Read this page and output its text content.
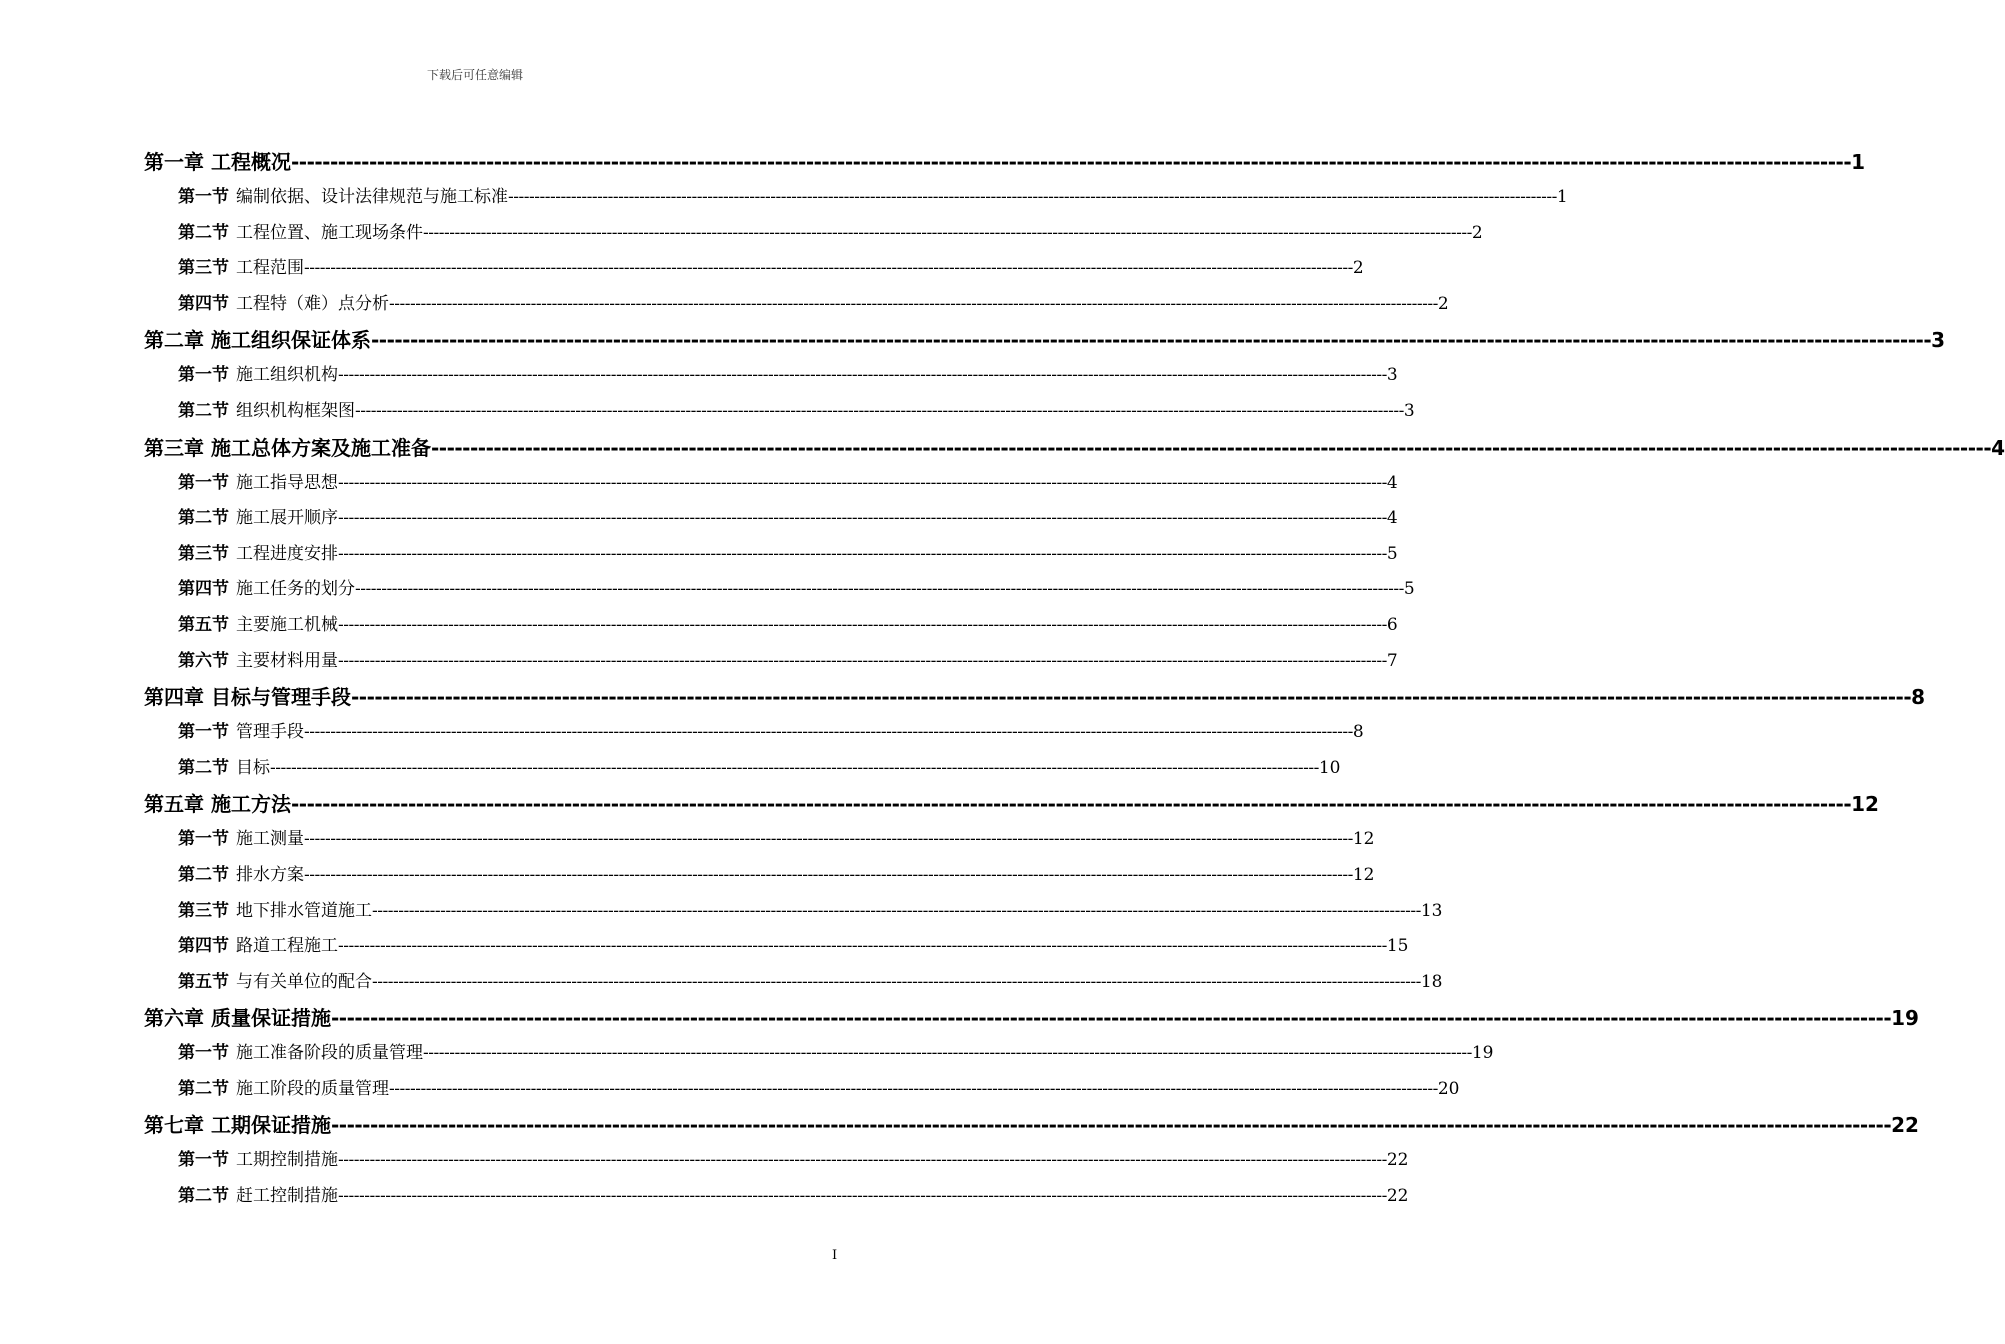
下载后可任意编辑
第一章 工程概况 -------------------------------------------------------------------------------------------------------------------------------------------------------------------------------------------------------- 1
第一节 编制依据、设计法律规范与施工标准 -------------------------------------------------------------------------------------------------------------------------------------------------------------------------------------------------------- 1
第二节 工程位置、施工现场条件 -------------------------------------------------------------------------------------------------------------------------------------------------------------------------------------------------------- 2
第三节 工程范围 -------------------------------------------------------------------------------------------------------------------------------------------------------------------------------------------------------- 2
第四节 工程特（难）点分析 -------------------------------------------------------------------------------------------------------------------------------------------------------------------------------------------------------- 2
第二章 施工组织保证体系 -------------------------------------------------------------------------------------------------------------------------------------------------------------------------------------------------------- 3
第一节 施工组织机构 -------------------------------------------------------------------------------------------------------------------------------------------------------------------------------------------------------- 3
第二节 组织机构框架图 -------------------------------------------------------------------------------------------------------------------------------------------------------------------------------------------------------- 3
第三章 施工总体方案及施工准备 -------------------------------------------------------------------------------------------------------------------------------------------------------------------------------------------------------- 4
第一节 施工指导思想 -------------------------------------------------------------------------------------------------------------------------------------------------------------------------------------------------------- 4
第二节 施工展开顺序 -------------------------------------------------------------------------------------------------------------------------------------------------------------------------------------------------------- 4
第三节 工程进度安排 -------------------------------------------------------------------------------------------------------------------------------------------------------------------------------------------------------- 5
第四节 施工任务的划分 -------------------------------------------------------------------------------------------------------------------------------------------------------------------------------------------------------- 5
第五节 主要施工机械 -------------------------------------------------------------------------------------------------------------------------------------------------------------------------------------------------------- 6
第六节 主要材料用量 -------------------------------------------------------------------------------------------------------------------------------------------------------------------------------------------------------- 7
第四章 目标与管理手段 -------------------------------------------------------------------------------------------------------------------------------------------------------------------------------------------------------- 8
第一节 管理手段 -------------------------------------------------------------------------------------------------------------------------------------------------------------------------------------------------------- 8
第二节 目标 -------------------------------------------------------------------------------------------------------------------------------------------------------------------------------------------------------- 10
第五章 施工方法 -------------------------------------------------------------------------------------------------------------------------------------------------------------------------------------------------------- 12
第一节 施工测量 -------------------------------------------------------------------------------------------------------------------------------------------------------------------------------------------------------- 12
第二节 排水方案 -------------------------------------------------------------------------------------------------------------------------------------------------------------------------------------------------------- 12
第三节 地下排水管道施工 -------------------------------------------------------------------------------------------------------------------------------------------------------------------------------------------------------- 13
第四节 路道工程施工 -------------------------------------------------------------------------------------------------------------------------------------------------------------------------------------------------------- 15
第五节 与有关单位的配合 -------------------------------------------------------------------------------------------------------------------------------------------------------------------------------------------------------- 18
第六章 质量保证措施 -------------------------------------------------------------------------------------------------------------------------------------------------------------------------------------------------------- 19
第一节 施工准备阶段的质量管理 -------------------------------------------------------------------------------------------------------------------------------------------------------------------------------------------------------- 19
第二节 施工阶段的质量管理 -------------------------------------------------------------------------------------------------------------------------------------------------------------------------------------------------------- 20
第七章 工期保证措施 -------------------------------------------------------------------------------------------------------------------------------------------------------------------------------------------------------- 22
第一节 工期控制措施 -------------------------------------------------------------------------------------------------------------------------------------------------------------------------------------------------------- 22
第二节 赶工控制措施 -------------------------------------------------------------------------------------------------------------------------------------------------------------------------------------------------------- 22
I
